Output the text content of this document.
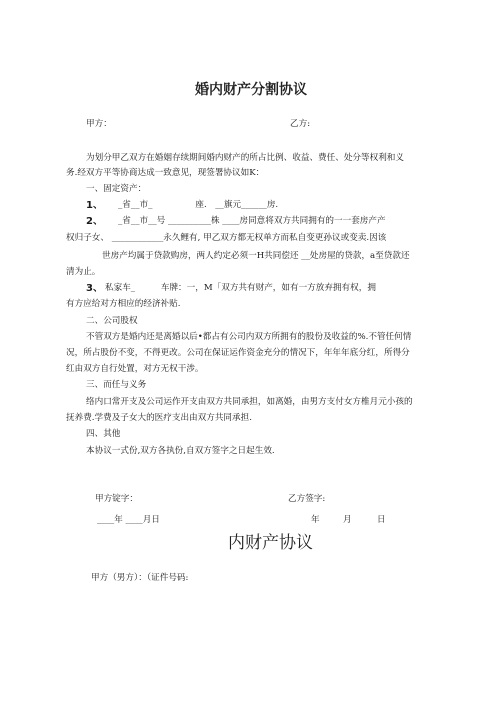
婚内财产分割协议
甲方：	乙方:
为划分甲乙双方在婚姻存续期间婚内财产的所占比例、收益、费任、处分等权利和义
务.经双方平等协商达成一致意见，现签署协议如K：
一、固定资产：
1、 _省__市_　　　　　座.　__旗元______房.
2、 _省__市__号 __________株 ____房同意将双方共同拥有的一一套房产产
权归子女、 ____________永久鲤有, 甲乙双方都无权单方而私自变更孙议或变卖.因该
世房产均属于贷款购房，两人约定必须一H共同偿还 __处房屋的贷款，a至贷款还
清为止。
3、 私家车_　　　车牌：一，M「双方共有财产，如有一方放弃拥有权，拥
有方应给对方相应的经济补贴.
二、公司股权
不管双方是婚内还是离婚以后•都占有公司内双方所拥有的股份及收益的%.不管任何情
况，所占股份不变，不得更改。公司在保证运作资金充分的情况下，年年年底分红，所得分
红由双方自行处置，对方无权干涉。
三、而任与义务
络内口常开支及公司运作开支由双方共同承担，如离婚，由男方支付女方椎月元小孩的
抚养费.学费及子女大的医疗支出由双方共同承担.
四、其他
本协议一式份,双方各执份,自双方签字之日起生效.
甲方锭字：	乙方签字:
____年 ____月日	年	月	日
内财产协议
甲方（男方）：（证件号码:
